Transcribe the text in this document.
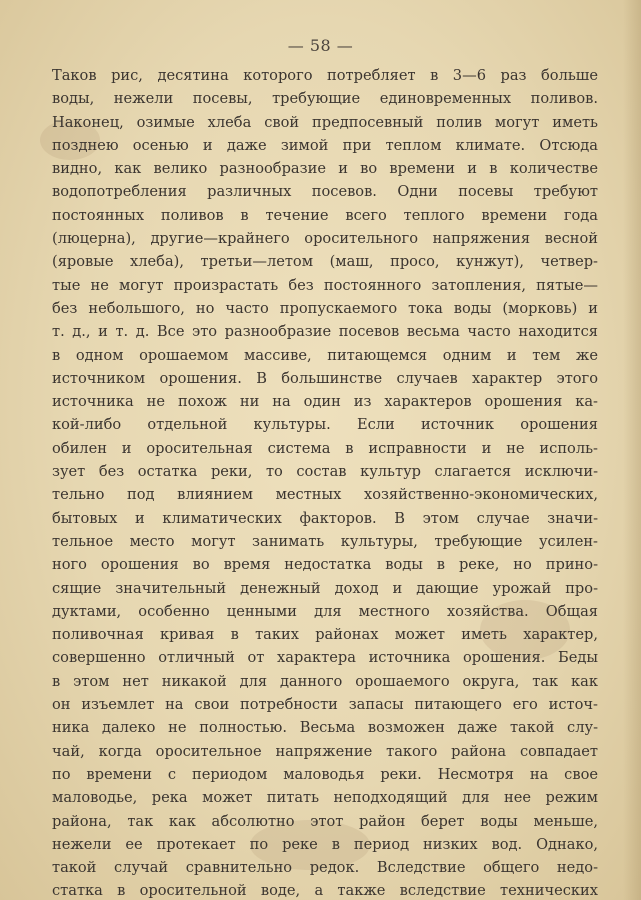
— 58 —
Таков рис, десятина которого потребляет в 3—6 раз больше
воды, нежели посевы, требующие единовременных поливов.
Наконец, озимые хлеба свой предпосевный полив могут иметь
позднею осенью и даже зимой при теплом климате. Отсюда
видно, как велико разнообразие и во времени и в количестве
водопотребления различных посевов. Одни посевы требуют
постоянных поливов в течение всего теплого времени года
(люцерна), другие—крайнего оросительного напряжения весной
(яровые хлеба), третьи—летом (маш, просо, кунжут), четвер-
тые не могут произрастать без постоянного затопления, пятые—
без небольшого, но часто пропускаемого тока воды (морковь) и
т. д., и т. д. Все это разнообразие посевов весьма часто находится
в одном орошаемом массиве, питающемся одним и тем же
источником орошения. В большинстве случаев характер этого
источника не похож ни на один из характеров орошения ка-
кой-либо отдельной культуры. Если источник орошения
обилен и оросительная система в исправности и не исполь-
зует без остатка реки, то состав культур слагается исключи-
тельно под влиянием местных хозяйственно-экономических,
бытовых и климатических факторов. В этом случае значи-
тельное место могут занимать культуры, требующие усилен-
ного орошения во время недостатка воды в реке, но прино-
сящие значительный денежный доход и дающие урожай про-
дуктами, особенно ценными для местного хозяйства. Общая
поливочная кривая в таких районах может иметь характер,
совершенно отличный от характера источника орошения. Беды
в этом нет никакой для данного орошаемого округа, так как
он изъемлет на свои потребности запасы питающего его источ-
ника далеко не полностью. Весьма возможен даже такой слу-
чай, когда оросительное напряжение такого района совпадает
по времени с периодом маловодья реки. Несмотря на свое
маловодье, река может питать неподходящий для нее режим
района, так как абсолютно этот район берет воды меньше,
нежели ее протекает по реке в период низких вод. Однако,
такой случай сравнительно редок. Вследствие общего недо-
статка в оросительной воде, а также вследствие технических
